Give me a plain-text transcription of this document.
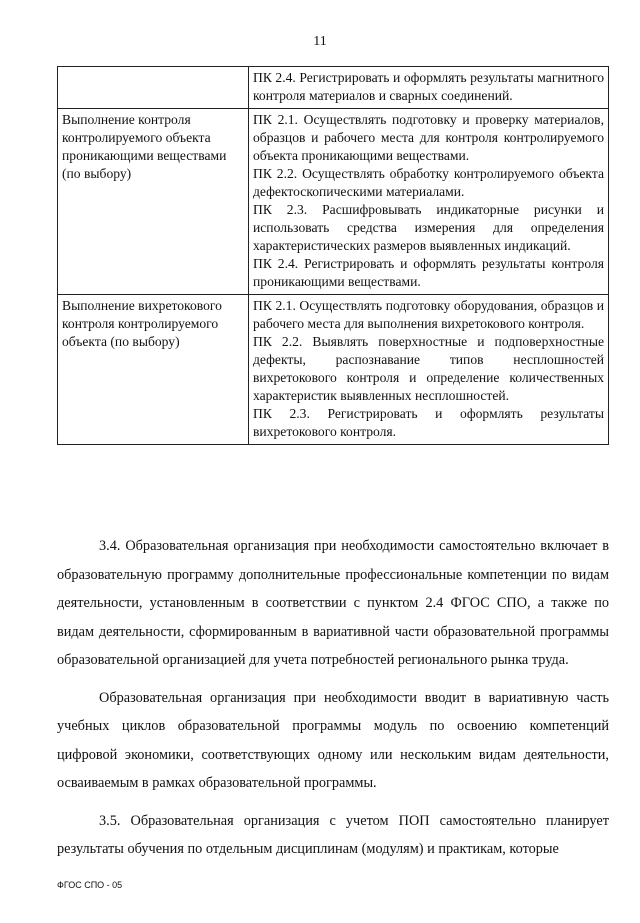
11

	ПК 2.4. Регистрировать и оформлять результаты магнитного контроля материалов и сварных соединений.

Выполнение контроля контролируемого объекта проникающими веществами (по выбору)	ПК 2.1. Осуществлять подготовку и проверку материалов, образцов и рабочего места для контроля контролируемого объекта проникающими веществами.
ПК 2.2. Осуществлять обработку контролируемого объекта дефектоскопическими материалами.
ПК 2.3. Расшифровывать индикаторные рисунки и использовать средства измерения для определения характеристических размеров выявленных индикаций.
ПК 2.4. Регистрировать и оформлять результаты контроля проникающими веществами.

Выполнение вихретокового контроля контролируемого объекта (по выбору)	ПК 2.1. Осуществлять подготовку оборудования, образцов и рабочего места для выполнения вихретокового контроля.
ПК 2.2. Выявлять поверхностные и подповерхностные дефекты, распознавание типов несплошностей вихретокового контроля и определение количественных характеристик выявленных несплошностей.
ПК 2.3. Регистрировать и оформлять результаты вихретокового контроля.

3.4. Образовательная организация при необходимости самостоятельно включает в образовательную программу дополнительные профессиональные компетенции по видам деятельности, установленным в соответствии с пунктом 2.4 ФГОС СПО, а также по видам деятельности, сформированным в вариативной части образовательной программы образовательной организацией для учета потребностей регионального рынка труда.

Образовательная организация при необходимости вводит в вариативную часть учебных циклов образовательной программы модуль по освоению компетенций цифровой экономики, соответствующих одному или нескольким видам деятельности, осваиваемым в рамках образовательной программы.

3.5. Образовательная организация с учетом ПОП самостоятельно планирует результаты обучения по отдельным дисциплинам (модулям) и практикам, которые

ФГОС СПО - 05
